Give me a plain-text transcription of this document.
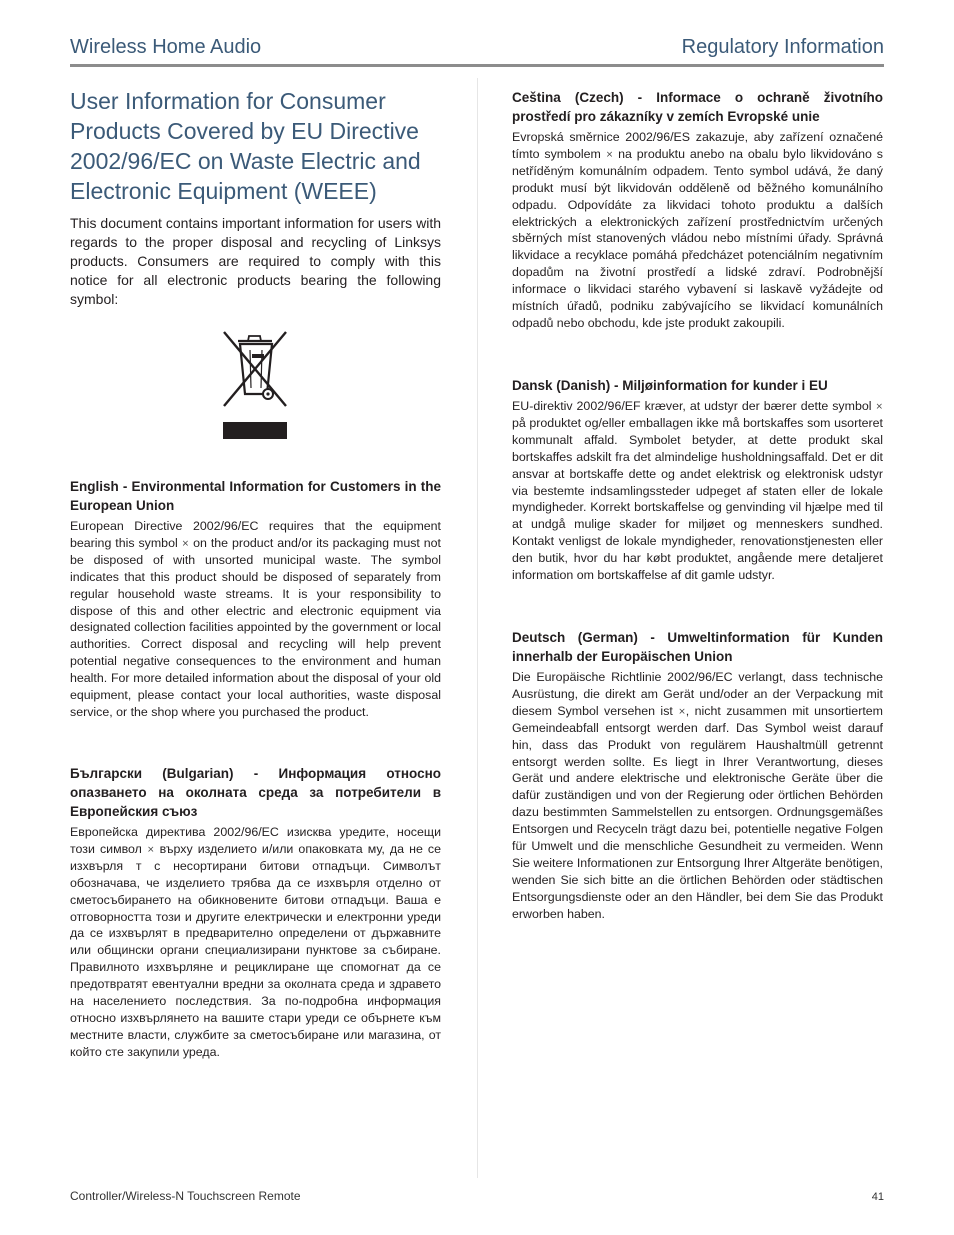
Wireless Home Audio	Regulatory Information
User Information for Consumer Products Covered by EU Directive 2002/96/EC on Waste Electric and Electronic Equipment (WEEE)

This document contains important information for users with regards to the proper disposal and recycling of Linksys products. Consumers are required to comply with this notice for all electronic products bearing the following symbol:

English - Environmental Information for Customers in the European Union

European Directive 2002/96/EC requires that the equipment bearing this symbol ⨯ on the product and/or its packaging must not be disposed of with unsorted municipal waste. The symbol indicates that this product should be disposed of separately from regular household waste streams. It is your responsibility to dispose of this and other electric and electronic equipment via designated collection facilities appointed by the government or local authorities. Correct disposal and recycling will help prevent potential negative consequences to the environment and human health. For more detailed information about the disposal of your old equipment, please contact your local authorities, waste disposal service, or the shop where you purchased the product.

Български (Bulgarian) - Информация относно опазването на околната среда за потребители в Европейския съюз

Европейска директива 2002/96/EC изисква уредите, носещи този символ ⨯ върху изделието и/или опаковката му, да не се изхвърля т с несортирани битови отпадъци. Символът обозначава, че изделието трябва да се изхвърля отделно от сметосъбирането на обикновените битови отпадъци. Ваша е отговорността този и другите електрически и електронни уреди да се изхвърлят в предварително определени от държавните или общински органи специализирани пунктове за събиране. Правилното изхвърляне и рециклиране ще спомогнат да се предотвратят евентуални вредни за околната среда и здравето на населението последствия. За по-подробна информация относно изхвърлянето на вашите стари уреди се обърнете към местните власти, службите за сметосъбиране или магазина, от който сте закупили уреда.

Ceština (Czech) - Informace o ochraně životního prostředí pro zákazníky v zemích Evropské unie

Evropská směrnice 2002/96/ES zakazuje, aby zařízení označené tímto symbolem ⨯ na produktu anebo na obalu bylo likvidováno s netříděným komunálním odpadem. Tento symbol udává, že daný produkt musí být likvidován odděleně od běžného komunálního odpadu. Odpovídáte za likvidaci tohoto produktu a dalších elektrických a elektronických zařízení prostřednictvím určených sběrných míst stanovených vládou nebo místními úřady. Správná likvidace a recyklace pomáhá předcházet potenciálním negativním dopadům na životní prostředí a lidské zdraví. Podrobnější informace o likvidaci starého vybavení si laskavě vyžádejte od místních úřadů, podniku zabývajícího se likvidací komunálních odpadů nebo obchodu, kde jste produkt zakoupili.

Dansk (Danish) - Miljøinformation for kunder i EU

EU-direktiv 2002/96/EF kræver, at udstyr der bærer dette symbol ⨯ på produktet og/eller emballagen ikke må bortskaffes som usorteret kommunalt affald. Symbolet betyder, at dette produkt skal bortskaffes adskilt fra det almindelige husholdningsaffald. Det er dit ansvar at bortskaffe dette og andet elektrisk og elektronisk udstyr via bestemte indsamlingssteder udpeget af staten eller de lokale myndigheder. Korrekt bortskaffelse og genvinding vil hjælpe med til at undgå mulige skader for miljøet og menneskers sundhed. Kontakt venligst de lokale myndigheder, renovationstjenesten eller den butik, hvor du har købt produktet, angående mere detaljeret information om bortskaffelse af dit gamle udstyr.

Deutsch (German) - Umweltinformation für Kunden innerhalb der Europäischen Union

Die Europäische Richtlinie 2002/96/EC verlangt, dass technische Ausrüstung, die direkt am Gerät und/oder an der Verpackung mit diesem Symbol versehen ist ⨯, nicht zusammen mit unsortiertem Gemeindeabfall entsorgt werden darf. Das Symbol weist darauf hin, dass das Produkt von regulärem Haushaltmüll getrennt entsorgt werden sollte. Es liegt in Ihrer Verantwortung, dieses Gerät und andere elektrische und elektronische Geräte über die dafür zuständigen und von der Regierung oder örtlichen Behörden dazu bestimmten Sammelstellen zu entsorgen. Ordnungsgemäßes Entsorgen und Recyceln trägt dazu bei, potentielle negative Folgen für Umwelt und die menschliche Gesundheit zu vermeiden. Wenn Sie weitere Informationen zur Entsorgung Ihrer Altgeräte benötigen, wenden Sie sich bitte an die örtlichen Behörden oder städtischen Entsorgungsdienste oder an den Händler, bei dem Sie das Produkt erworben haben.

Controller/Wireless-N Touchscreen Remote	41
